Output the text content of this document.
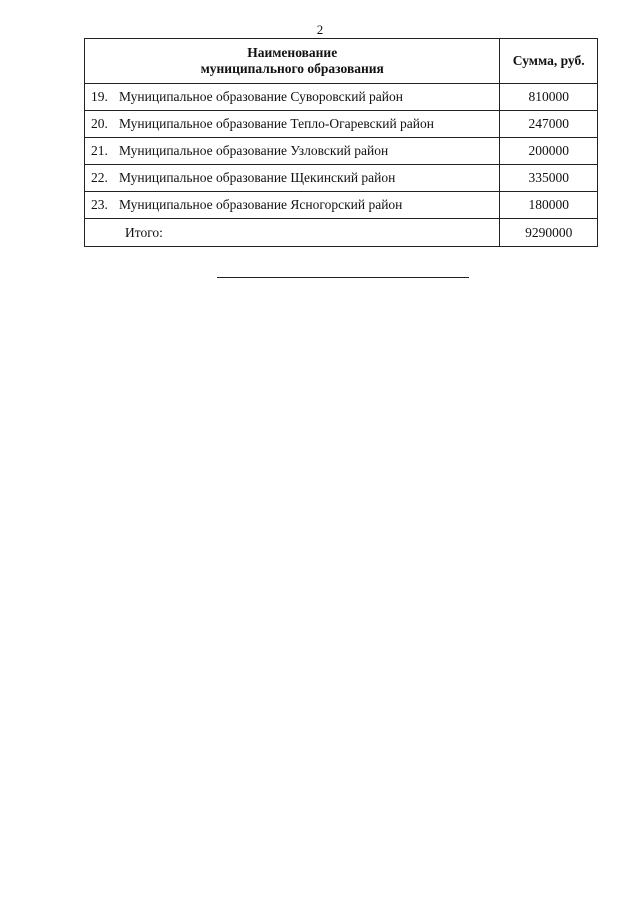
2
Наименование
муниципального образования	Сумма, руб.
19. Муниципальное образование Суворовский район	810000
20. Муниципальное образование Тепло-Огаревский район	247000
21. Муниципальное образование Узловский район	200000
22. Муниципальное образование Щекинский район	335000
23. Муниципальное образование Ясногорский район	180000
Итого:	9290000
